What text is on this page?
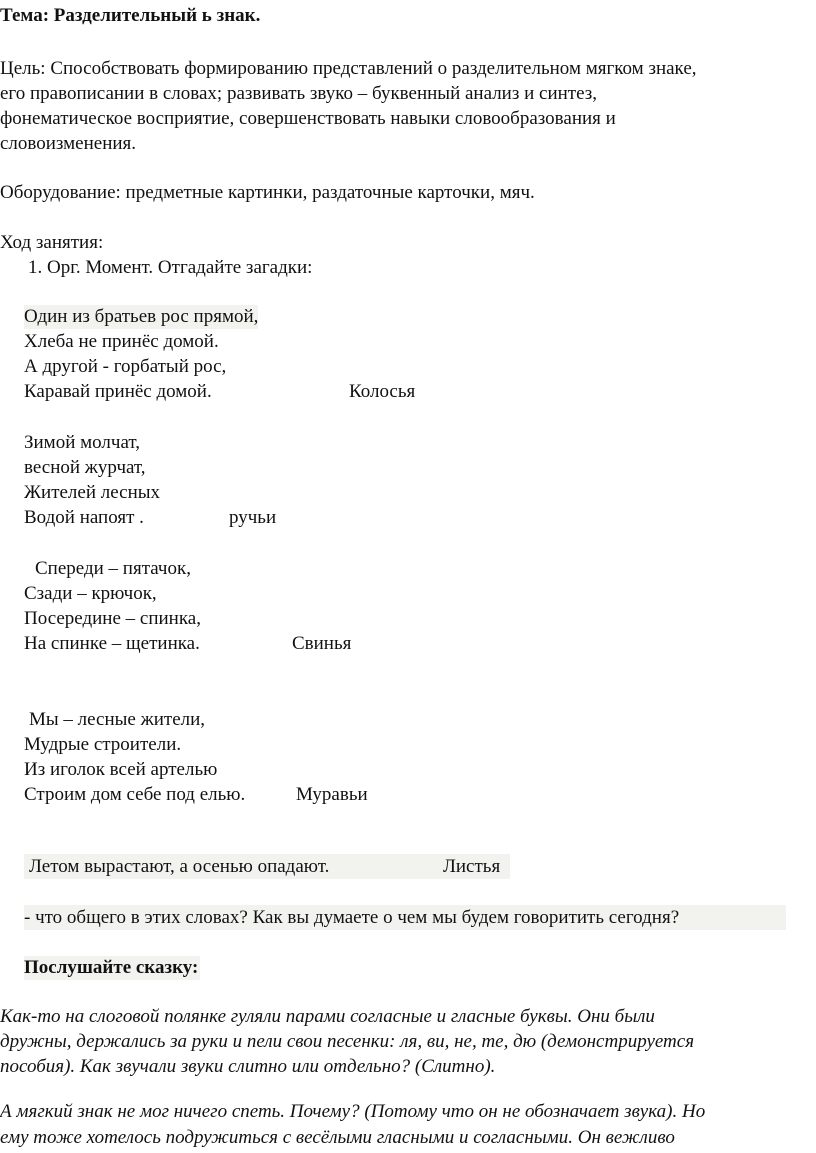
Тема: Разделительный ь знак.
Цель: Способствовать формированию представлений о разделительном мягком знаке,
его правописании в словах; развивать звуко – буквенный анализ и синтез,
фонематическое восприятие, совершенствовать навыки словообразования и
словоизменения.
Оборудование: предметные картинки, раздаточные карточки, мяч.
Ход занятия:
1. Орг. Момент. Отгадайте загадки:
Один из братьев рос прямой,
Хлеба не принёс домой.
А другой - горбатый рос,
Каравай принёс домой.	Колосья
Зимой молчат,
весной журчат,
Жителей лесных
Водой напоят .	ручьи
Спереди – пятачок,
Сзади – крючок,
Посередине – спинка,
На спинке – щетинка.	Свинья
Мы – лесные жители,
Мудрые строители.
Из иголок всей артелью
Строим дом себе под елью.	Муравьи
Летом вырастают, а осенью опадают.	Листья
- что общего в этих словах? Как вы думаете о чем мы будем говоритить сегодня?
Послушайте сказку:
Как-то на слоговой полянке гуляли парами согласные и гласные буквы. Они были
дружны, держались за руки и пели свои песенки: ля, ви, не, те, дю (демонстрируется
пособия). Как звучали звуки слитно или отдельно? (Слитно).
А мягкий знак не мог ничего спеть. Почему? (Потому что он не обозначает звука). Но
ему тоже хотелось подружиться с весёлыми гласными и согласными. Он вежливо
